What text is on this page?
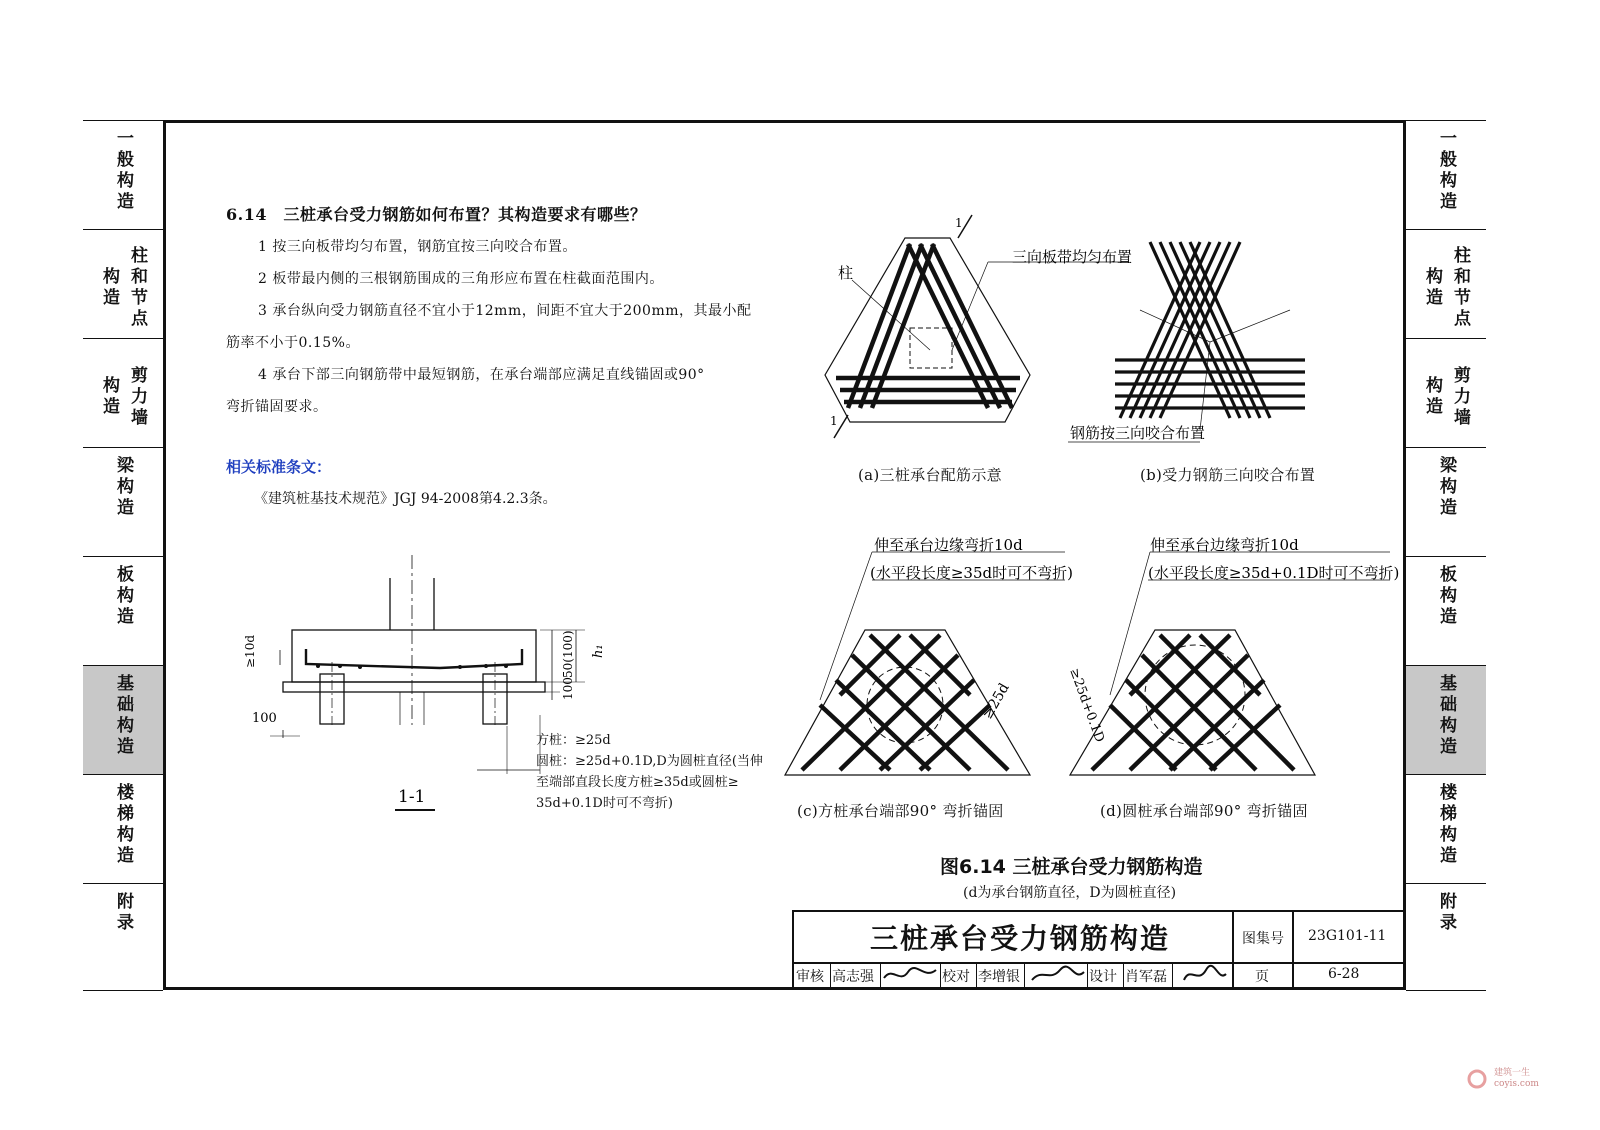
一般构造
柱和节点
构造
剪力墙
构造
梁构造
板构造
基础构造
楼梯构造
附录
一般构造
柱和节点
构造
剪力墙
构造
梁构造
板构造
基础构造
楼梯构造
附录
6.14　三桩承台受力钢筋如何布置？其构造要求有哪些？
1 按三向板带均匀布置，钢筋宜按三向咬合布置。
2 板带最内侧的三根钢筋围成的三角形应布置在柱截面范围内。
3 承台纵向受力钢筋直径不宜小于12mm，间距不宜大于200mm，其最小配
筋率不小于0.15%。
4 承台下部三向钢筋带中最短钢筋，在承台端部应满足直线锚固或90°
弯折锚固要求。
相关标准条文：
《建筑桩基技术规范》JGJ 94-2008第4.2.3条。
≥10d
100
50(100)
100
h₁
1-1
方桩：≥25d
圆桩：≥25d+0.1D,D为圆桩直径(当伸
至端部直段长度方桩≥35d或圆桩≥
35d+0.1D时可不弯折)
柱
三向板带均匀布置
1
1
(a)三桩承台配筋示意
钢筋按三向咬合布置
(b)受力钢筋三向咬合布置
伸至承台边缘弯折10d
(水平段长度≥35d时可不弯折)
≥25d
(c)方桩承台端部90° 弯折锚固
伸至承台边缘弯折10d
(水平段长度≥35d+0.1D时可不弯折)
≥25d+0.1D
(d)圆桩承台端部90° 弯折锚固
图6.14 三桩承台受力钢筋构造
(d为承台钢筋直径，D为圆桩直径)
三桩承台受力钢筋构造	图集号 23G101-11
页	6-28
审核 高志强	校对 李增银	设计 肖军磊
建筑一生
coyis.com
